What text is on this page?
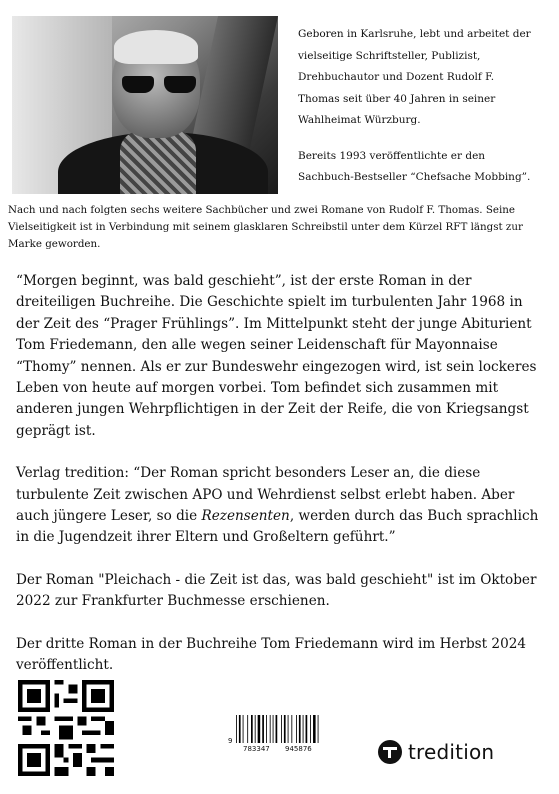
Geboren in Karlsruhe, lebt und arbeitet der vielseitige Schriftsteller, Publizist, Drehbuchautor und Dozent Rudolf F. Thomas seit über 40 Jahren in seiner Wahlheimat Würzburg.

Bereits 1993 veröffentlichte er den Sachbuch-Bestseller “Chefsache Mobbing”.

Nach und nach folgten sechs weitere Sachbücher und zwei Romane von Rudolf F. Thomas. Seine Vielseitigkeit ist in Verbindung mit seinem glasklaren Schreibstil unter dem Kürzel RFT längst zur Marke geworden.

“Morgen beginnt, was bald geschieht”, ist der erste Roman in der dreiteiligen Buchreihe. Die Geschichte spielt im turbulenten Jahr 1968 in der Zeit des “Prager Frühlings”. Im Mittelpunkt steht der junge Abiturient Tom Friedemann, den alle wegen seiner Leidenschaft für Mayonnaise “Thomy” nennen. Als er zur Bundeswehr eingezogen wird, ist sein lockeres Leben von heute auf morgen vorbei. Tom befindet sich zusammen mit anderen jungen Wehrpflichtigen in der Zeit der Reife, die von Kriegsangst geprägt ist.

Verlag tredition: “Der Roman spricht besonders Leser an, die diese turbulente Zeit zwischen APO und Wehrdienst selbst erlebt haben. Aber auch jüngere Leser, so die Rezensenten, werden durch das Buch sprachlich in die Jugendzeit ihrer Eltern und Großeltern geführt.”

Der Roman "Pleichach - die Zeit ist das, was bald geschieht" ist im Oktober 2022 zur Frankfurter Buchmesse erschienen.

Der dritte Roman in der Buchreihe Tom Friedemann wird im Herbst 2024 veröffentlicht.

9
783347 945876	tredition
